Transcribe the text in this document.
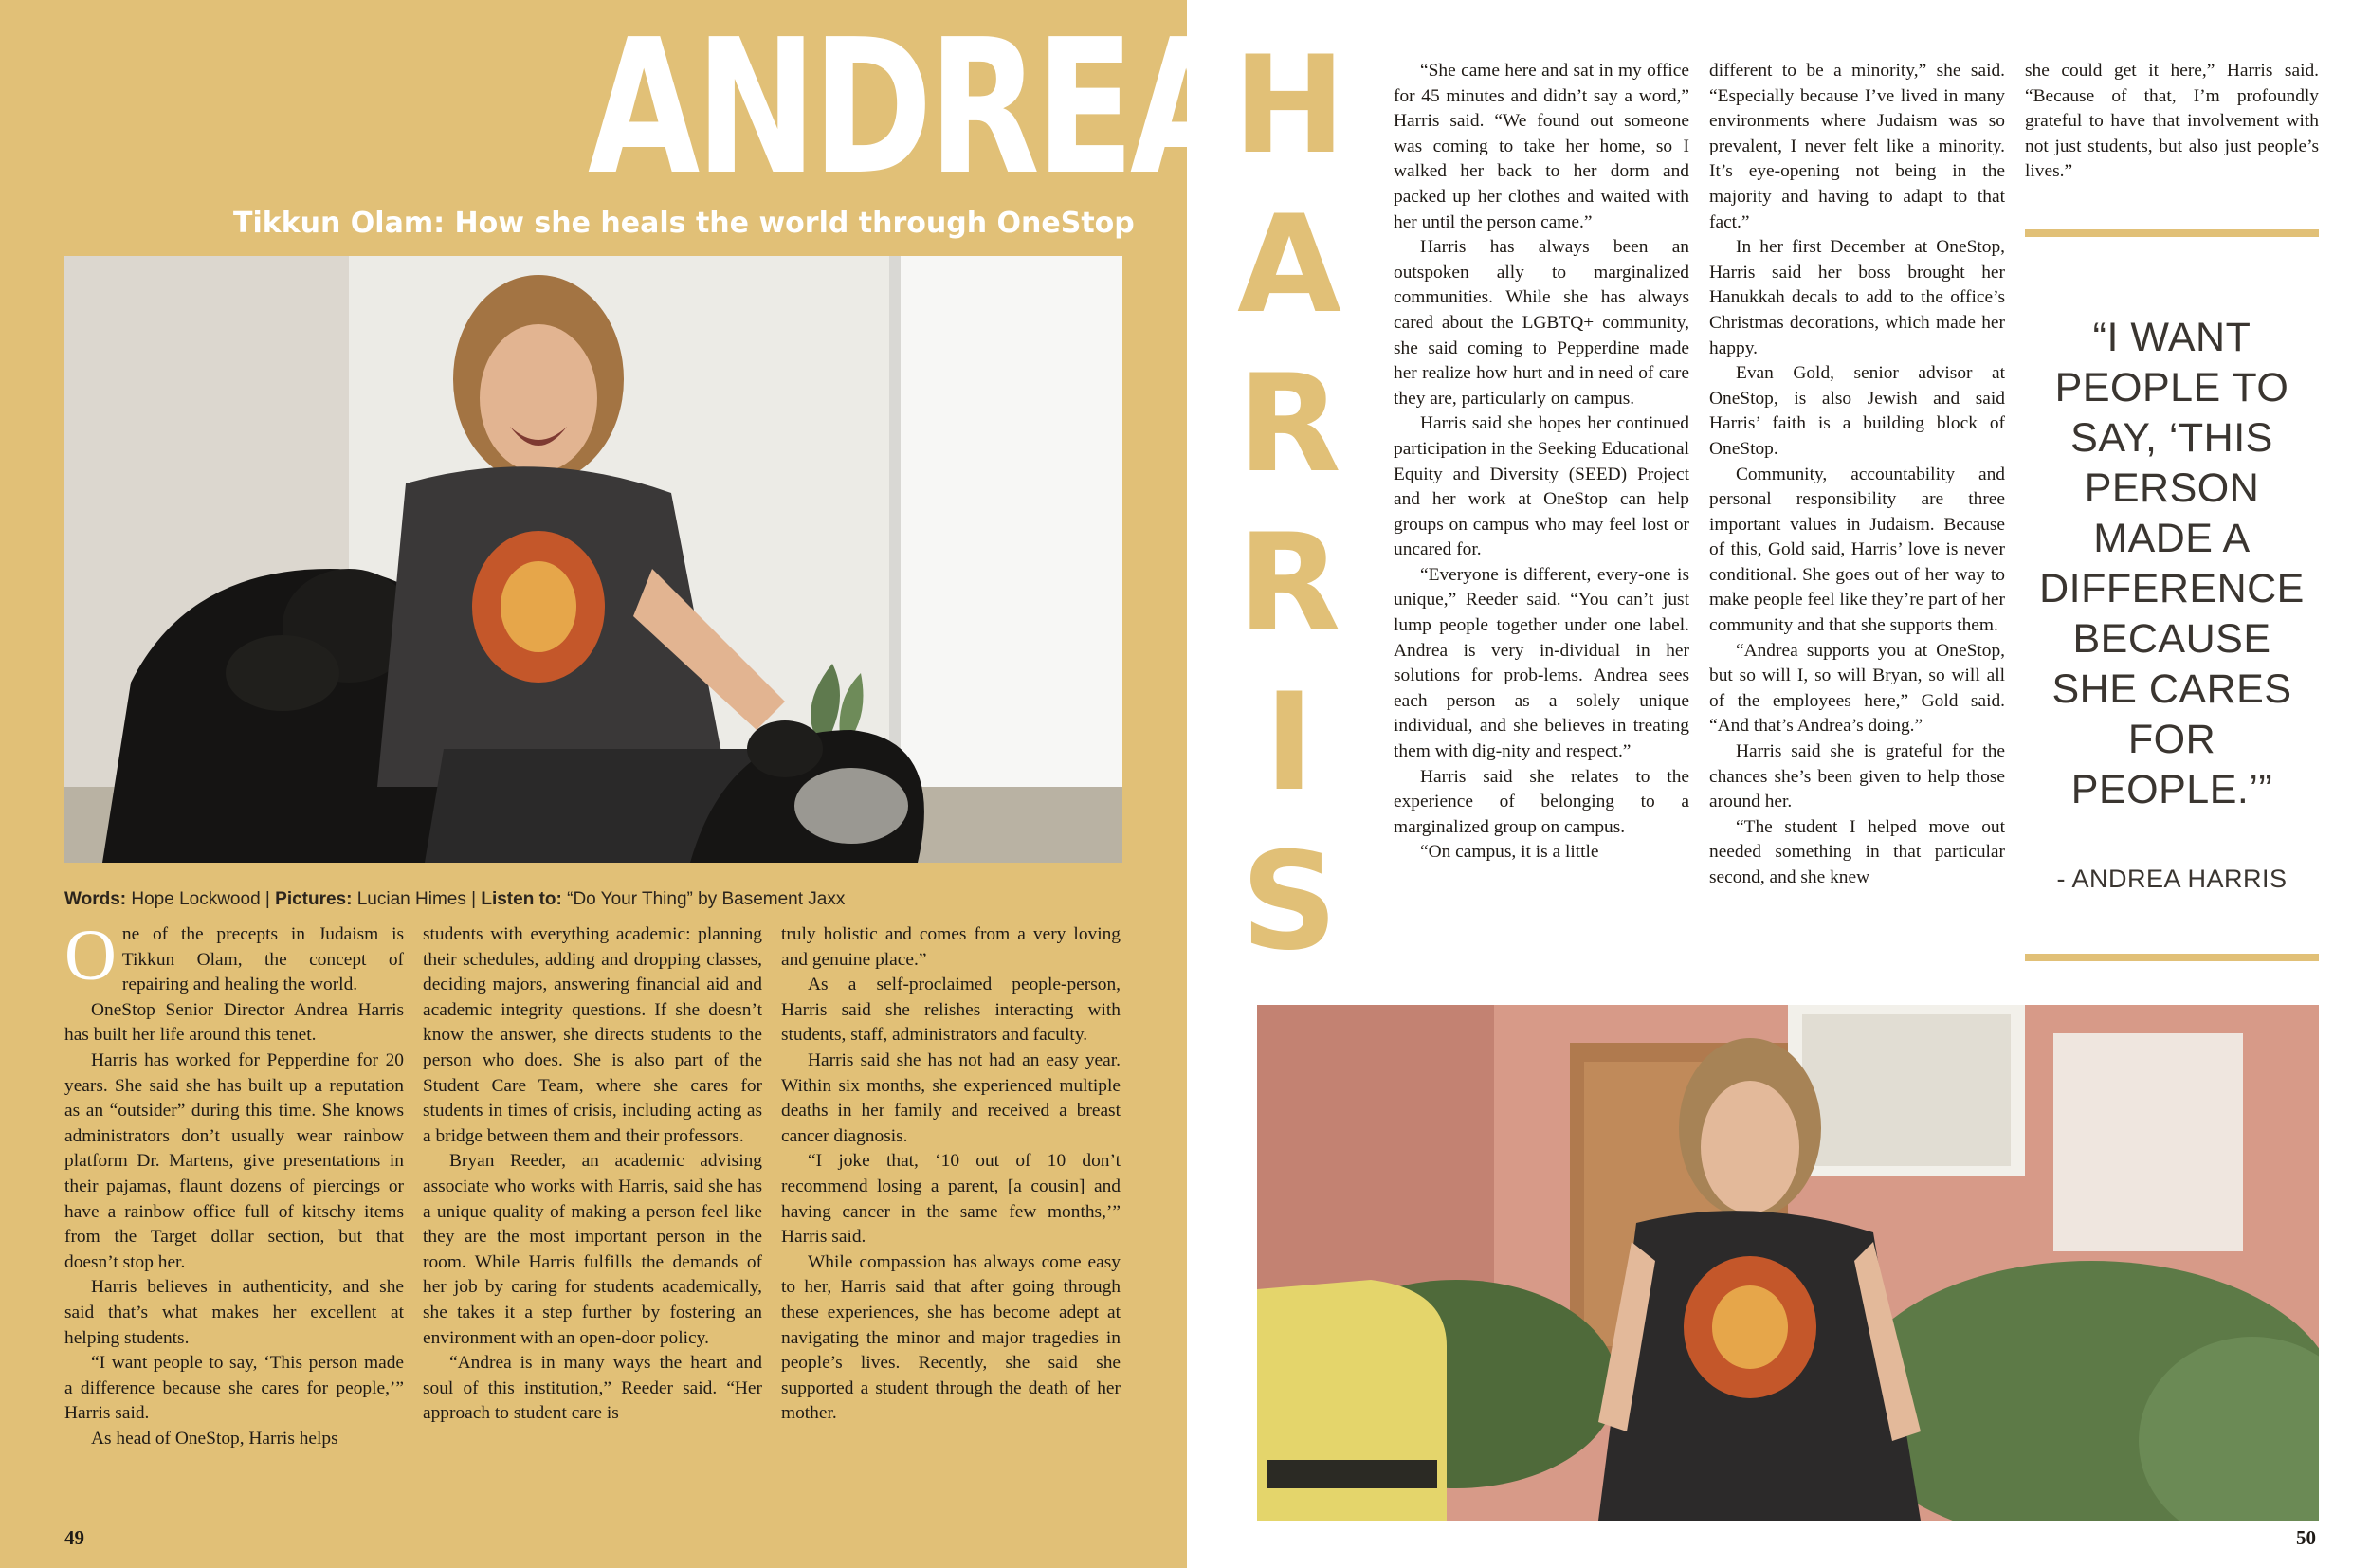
ANDREA
Tikkun Olam: How she heals the world through OneStop
Words: Hope Lockwood | Pictures: Lucian Himes | Listen to: “Do Your Thing” by Basement Jaxx

One of the precepts in Judaism is Tikkun Olam, the concept of repairing and healing the world.

OneStop Senior Director Andrea Harris has built her life around this tenet.

Harris has worked for Pepperdine for 20 years. She said she has built up a reputation as an “outsider” during this time. She knows administrators don’t usually wear rainbow platform Dr. Martens, give presentations in their pajamas, flaunt dozens of piercings or have a rainbow office full of kitschy items from the Target dollar section, but that doesn’t stop her.

Harris believes in authenticity, and she said that’s what makes her excellent at helping students.

“I want people to say, ‘This person made a difference because she cares for people,’” Harris said.

As head of OneStop, Harris helps

students with everything academic: planning their schedules, adding and dropping classes, deciding majors, answering financial aid and academic integrity questions. If she doesn’t know the answer, she directs students to the person who does. She is also part of the Student Care Team, where she cares for students in times of crisis, including acting as a bridge between them and their professors.

Bryan Reeder, an academic advising associate who works with Harris, said she has a unique quality of making a person feel like they are the most important person in the room. While Harris fulfills the demands of her job by caring for students academically, she takes it a step further by fostering an environment with an open-door policy.

“Andrea is in many ways the heart and soul of this institution,” Reeder said. “Her approach to student care is

truly holistic and comes from a very loving and genuine place.”

As a self-proclaimed people-person, Harris said she relishes interacting with students, staff, administrators and faculty.

Harris said she has not had an easy year. Within six months, she experienced multiple deaths in her family and received a breast cancer diagnosis.

“I joke that, ‘10 out of 10 don’t recommend losing a parent, [a cousin] and having cancer in the same few months,’” Harris said.

While compassion has always come easy to her, Harris said that after going through these experiences, she has become adept at navigating the minor and major tragedies in people’s lives. Recently, she said she supported a student through the death of her mother.

49
HARRIS

“She came here and sat in my office for 45 minutes and didn’t say a word,” Harris said. “We found out someone was coming to take her home, so I walked her back to her dorm and packed up her clothes and waited with her until the person came.”

Harris has always been an outspoken ally to marginalized communities. While she has always cared about the LGBTQ+ community, she said coming to Pepperdine made her realize how hurt and in need of care they are, particularly on campus.

Harris said she hopes her continued participation in the Seeking Educational Equity and Diversity (SEED) Project and her work at OneStop can help groups on campus who may feel lost or uncared for.

“Everyone is different, every-one is unique,” Reeder said. “You can’t just lump people together under one label. Andrea is very in-dividual in her solutions for prob-lems. Andrea sees each person as a solely unique individual, and she believes in treating them with dig-nity and respect.”

Harris said she relates to the experience of belonging to a marginalized group on campus.

“On campus, it is a little

different to be a minority,” she said. “Especially because I’ve lived in many environments where Judaism was so prevalent, I never felt like a minority. It’s eye-opening not being in the majority and having to adapt to that fact.”

In her first December at OneStop, Harris said her boss brought her Hanukkah decals to add to the office’s Christmas decorations, which made her happy.

Evan Gold, senior advisor at OneStop, is also Jewish and said Harris’ faith is a building block of OneStop.

Community, accountability and personal responsibility are three important values in Judaism. Because of this, Gold said, Harris’ love is never conditional. She goes out of her way to make people feel like they’re part of her community and that she supports them.

“Andrea supports you at OneStop, but so will I, so will Bryan, so will all of the employees here,” Gold said. “And that’s Andrea’s doing.”

Harris said she is grateful for the chances she’s been given to help those around her.

“The student I helped move out needed something in that particular second, and she knew

she could get it here,” Harris said. “Because of that, I’m profoundly grateful to have that involvement with not just students, but also just people’s lives.”

“I WANT PEOPLE TO SAY, ‘THIS PERSON MADE A DIFFERENCE BECAUSE SHE CARES FOR PEOPLE.’”
- ANDREA HARRIS
50
